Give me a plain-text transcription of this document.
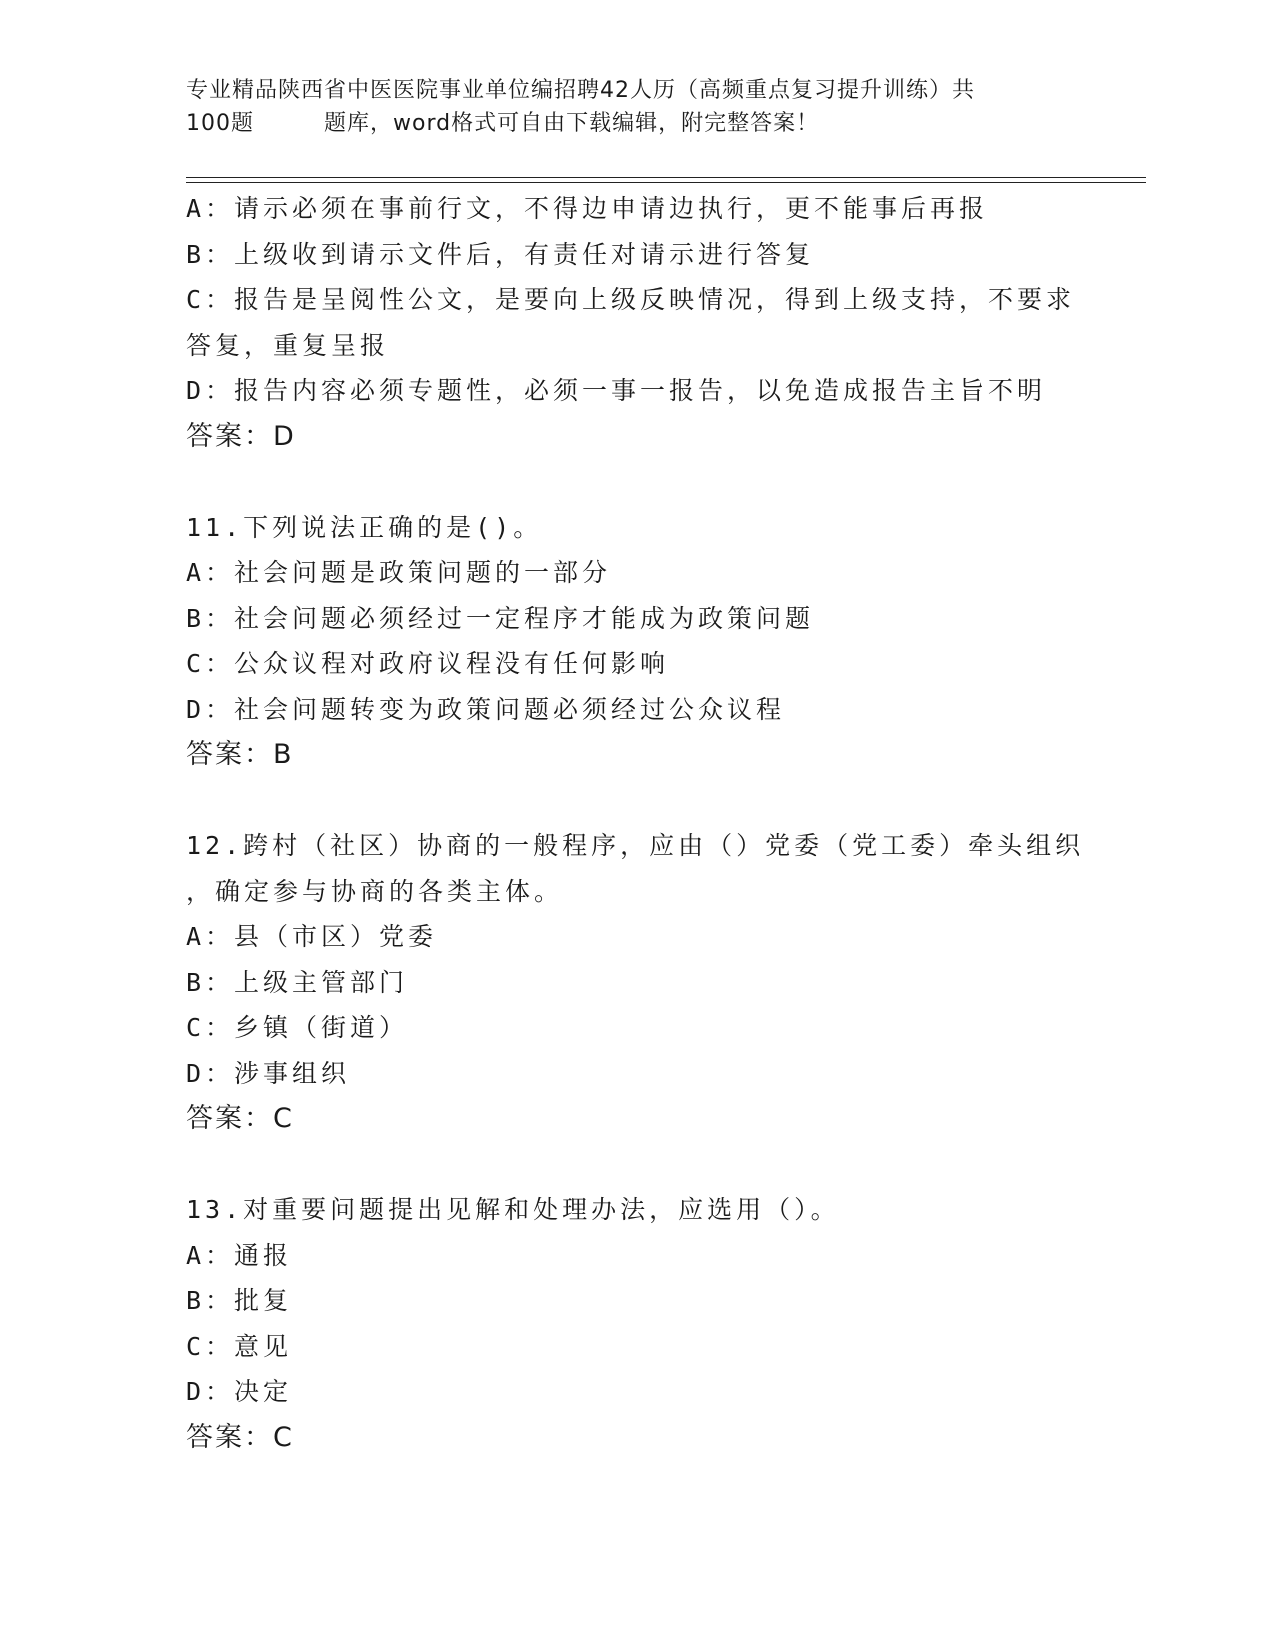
专业精品陕西省中医医院事业单位编招聘42人历（高频重点复习提升训练）共
100题	题库，word格式可自由下载编辑，附完整答案！
A：请示必须在事前行文，不得边申请边执行，更不能事后再报
B：上级收到请示文件后，有责任对请示进行答复
C：报告是呈阅性公文，是要向上级反映情况，得到上级支持，不要求
答复，重复呈报
D：报告内容必须专题性，必须一事一报告，以免造成报告主旨不明
答案：D
11.下列说法正确的是()。
A：社会问题是政策问题的一部分
B：社会问题必须经过一定程序才能成为政策问题
C：公众议程对政府议程没有任何影响
D：社会问题转变为政策问题必须经过公众议程
答案：B
12.跨村（社区）协商的一般程序，应由（）党委（党工委）牵头组织
，确定参与协商的各类主体。
A：县（市区）党委
B：上级主管部门
C：乡镇（街道）
D：涉事组织
答案：C
13.对重要问题提出见解和处理办法，应选用（）。
A：通报
B：批复
C：意见
D：决定
答案：C
